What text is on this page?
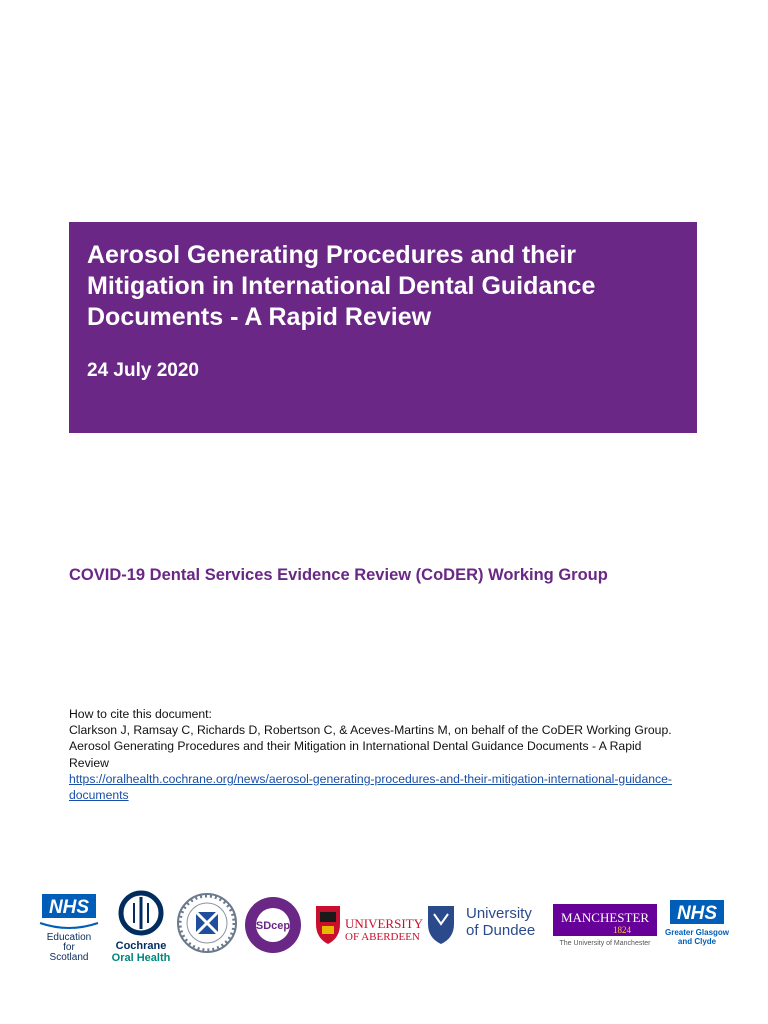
Aerosol Generating Procedures and their Mitigation in International Dental Guidance Documents - A Rapid Review
24 July 2020
COVID-19 Dental Services Evidence Review (CoDER) Working Group
How to cite this document:
Clarkson J, Ramsay C, Richards D, Robertson C, & Aceves-Martins M, on behalf of the CoDER Working Group. Aerosol Generating Procedures and their Mitigation in International Dental Guidance Documents - A Rapid Review
https://oralhealth.cochrane.org/news/aerosol-generating-procedures-and-their-mitigation-international-guidance-documents
NHS
Education
for
Scotland
Cochrane
Oral Health
SDcep	UNIVERSITY
OF ABERDEEN
University
of Dundee
MANCHESTER
1824
The University of Manchester
NHS
Greater Glasgow
and Clyde
